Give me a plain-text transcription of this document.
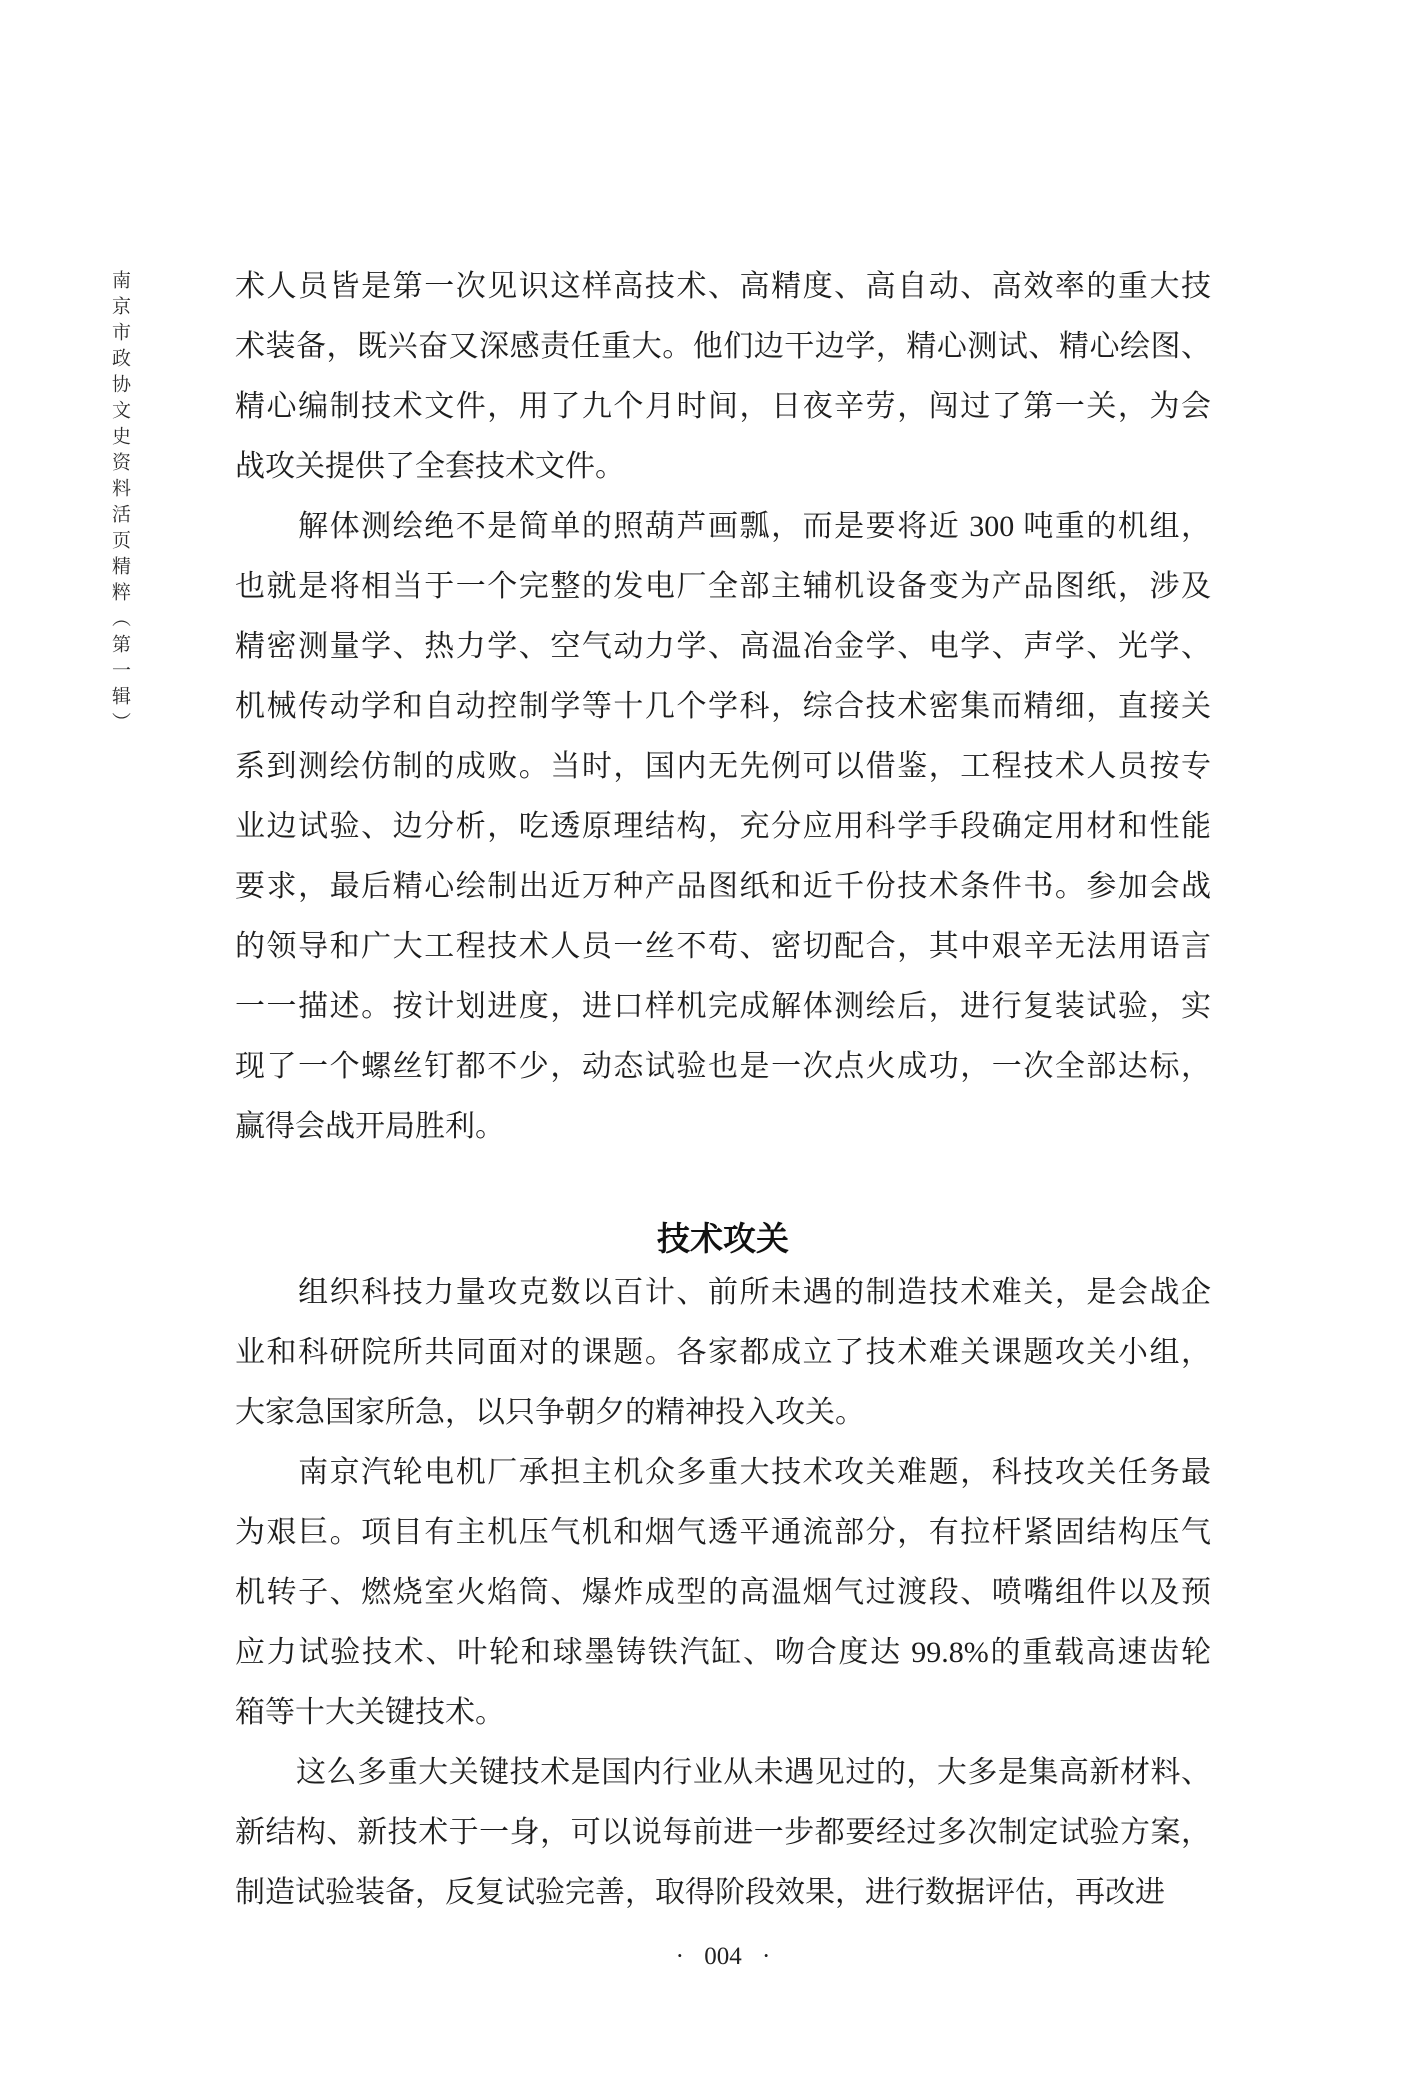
南京市政协文史资料活页精粹（第一辑）	术人员皆是第一次见识这样高技术、高精度、高自动、高效率的重大技
术装备，既兴奋又深感责任重大。他们边干边学，精心测试、精心绘图、
精心编制技术文件，用了九个月时间，日夜辛劳，闯过了第一关，为会
战攻关提供了全套技术文件。

　　解体测绘绝不是简单的照葫芦画瓢，而是要将近 300 吨重的机组，
也就是将相当于一个完整的发电厂全部主辅机设备变为产品图纸，涉及
精密测量学、热力学、空气动力学、高温冶金学、电学、声学、光学、
机械传动学和自动控制学等十几个学科，综合技术密集而精细，直接关
系到测绘仿制的成败。当时，国内无先例可以借鉴，工程技术人员按专
业边试验、边分析，吃透原理结构，充分应用科学手段确定用材和性能
要求，最后精心绘制出近万种产品图纸和近千份技术条件书。参加会战
的领导和广大工程技术人员一丝不苟、密切配合，其中艰辛无法用语言
一一描述。按计划进度，进口样机完成解体测绘后，进行复装试验，实
现了一个螺丝钉都不少，动态试验也是一次点火成功，一次全部达标，
赢得会战开局胜利。

技术攻关

　　组织科技力量攻克数以百计、前所未遇的制造技术难关，是会战企
业和科研院所共同面对的课题。各家都成立了技术难关课题攻关小组，
大家急国家所急，以只争朝夕的精神投入攻关。

　　南京汽轮电机厂承担主机众多重大技术攻关难题，科技攻关任务最
为艰巨。项目有主机压气机和烟气透平通流部分，有拉杆紧固结构压气
机转子、燃烧室火焰筒、爆炸成型的高温烟气过渡段、喷嘴组件以及预
应力试验技术、叶轮和球墨铸铁汽缸、吻合度达 99.8%的重载高速齿轮
箱等十大关键技术。

　　这么多重大关键技术是国内行业从未遇见过的，大多是集高新材料、
新结构、新技术于一身，可以说每前进一步都要经过多次制定试验方案，
制造试验装备，反复试验完善，取得阶段效果，进行数据评估，再改进

· 004 ·
